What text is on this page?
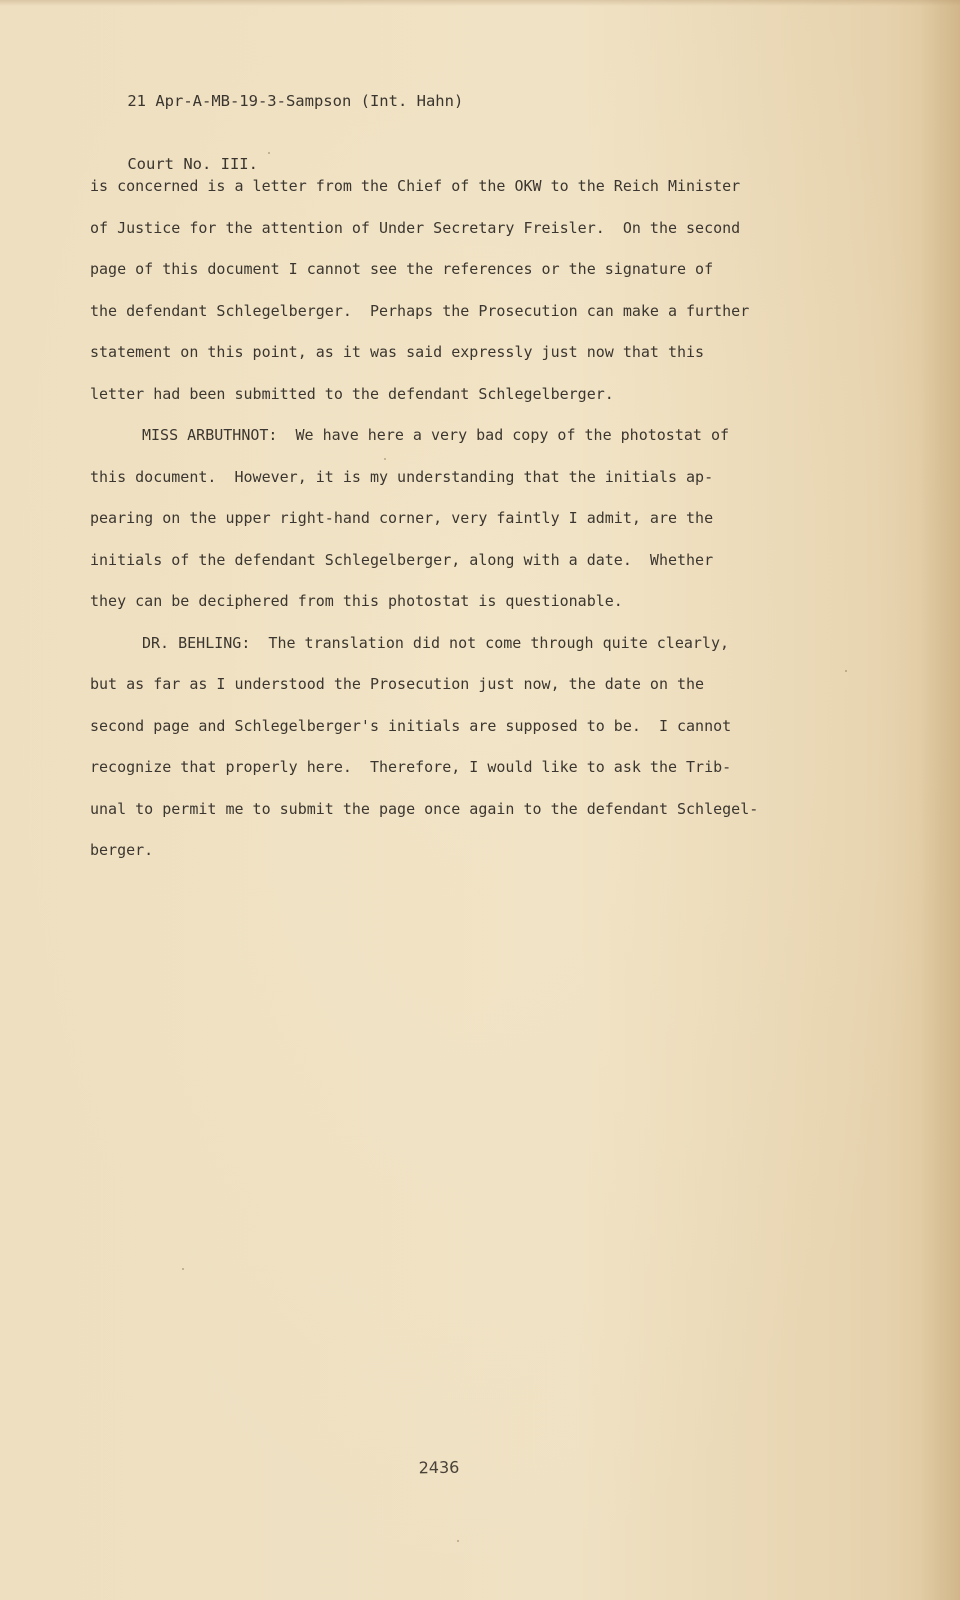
21 Apr-A-MB-19-3-Sampson (Int. Hahn)

Court No. III.

is concerned is a letter from the Chief of the OKW to the Reich Minister
of Justice for the attention of Under Secretary Freisler.  On the second
page of this document I cannot see the references or the signature of
the defendant Schlegelberger.  Perhaps the Prosecution can make a further
statement on this point, as it was said expressly just now that this
letter had been submitted to the defendant Schlegelberger.
MISS ARBUTHNOT:  We have here a very bad copy of the photostat of
this document.  However, it is my understanding that the initials ap-
pearing on the upper right-hand corner, very faintly I admit, are the
initials of the defendant Schlegelberger, along with a date.  Whether
they can be deciphered from this photostat is questionable.
DR. BEHLING:  The translation did not come through quite clearly,
but as far as I understood the Prosecution just now, the date on the
second page and Schlegelberger's initials are supposed to be.  I cannot
recognize that properly here.  Therefore, I would like to ask the Trib-
unal to permit me to submit the page once again to the defendant Schlegel-
berger.
2436
